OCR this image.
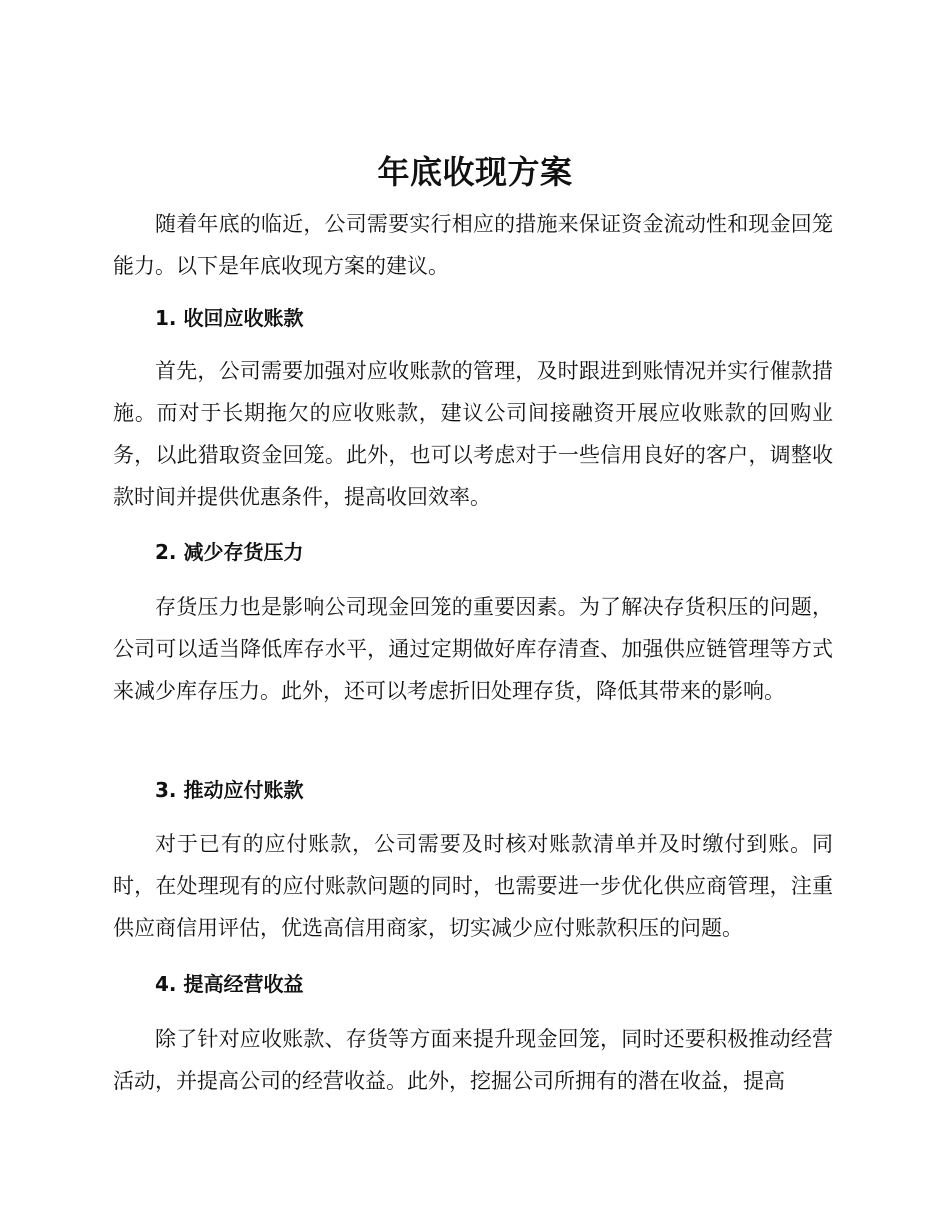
年底收现方案

随着年底的临近，公司需要实行相应的措施来保证资金流动性和现金回笼能力。以下是年底收现方案的建议。

1. 收回应收账款

首先，公司需要加强对应收账款的管理，及时跟进到账情况并实行催款措施。而对于长期拖欠的应收账款，建议公司间接融资开展应收账款的回购业务，以此猎取资金回笼。此外，也可以考虑对于一些信用良好的客户，调整收款时间并提供优惠条件，提高收回效率。

2. 减少存货压力

存货压力也是影响公司现金回笼的重要因素。为了解决存货积压的问题，公司可以适当降低库存水平，通过定期做好库存清查、加强供应链管理等方式来减少库存压力。此外，还可以考虑折旧处理存货，降低其带来的影响。

3. 推动应付账款

对于已有的应付账款，公司需要及时核对账款清单并及时缴付到账。同时，在处理现有的应付账款问题的同时，也需要进一步优化供应商管理，注重供应商信用评估，优选高信用商家，切实减少应付账款积压的问题。

4. 提高经营收益

除了针对应收账款、存货等方面来提升现金回笼，同时还要积极推动经营活动，并提高公司的经营收益。此外，挖掘公司所拥有的潜在收益，提高
